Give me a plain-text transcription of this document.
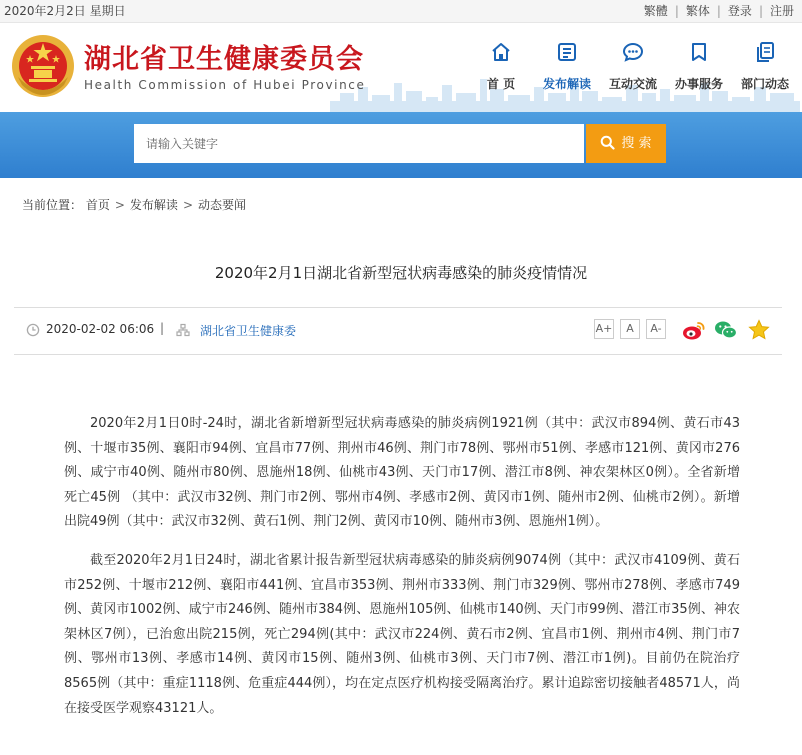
2020年2月2日 星期日	繁體 | 繁体 | 登录 | 注册
湖北省卫生健康委员会
Health Commission of Hubei Province	首 页	发布解读	互动交流	办事服务	部门动态
请输入关键字
搜 索
当前位置： 首页 > 发布解读 > 动态要闻
2020年2月1日湖北省新型冠状病毒感染的肺炎疫情情况
2020-02-02 06:06 |	湖北省卫生健康委	A+	A	A-

2020年2月1日0时-24时，湖北省新增新型冠状病毒感染的肺炎病例1921例（其中：武汉市894例、黄石市43例、十堰市35例、襄阳市94例、宜昌市77例、荆州市46例、荆门市78例、鄂州市51例、孝感市121例、黄冈市276例、咸宁市40例、随州市80例、恩施州18例、仙桃市43例、天门市17例、潜江市8例、神农架林区0例）。全省新增死亡45例 （其中：武汉市32例、荆门市2例、鄂州市4例、孝感市2例、黄冈市1例、随州市2例、仙桃市2例）。新增出院49例（其中：武汉市32例、黄石1例、荆门2例、黄冈市10例、随州市3例、恩施州1例）。

截至2020年2月1日24时，湖北省累计报告新型冠状病毒感染的肺炎病例9074例（其中：武汉市4109例、黄石市252例、十堰市212例、襄阳市441例、宜昌市353例、荆州市333例、荆门市329例、鄂州市278例、孝感市749例、黄冈市1002例、咸宁市246例、随州市384例、恩施州105例、仙桃市140例、天门市99例、潜江市35例、神农架林区7例），已治愈出院215例，死亡294例(其中：武汉市224例、黄石市2例、宜昌市1例、荆州市4例、荆门市7例、鄂州市13例、孝感市14例、黄冈市15例、随州3例、仙桃市3例、天门市7例、潜江市1例)。目前仍在院治疗8565例（其中：重症1118例、危重症444例），均在定点医疗机构接受隔离治疗。累计追踪密切接触者48571人，尚在接受医学观察43121人。
